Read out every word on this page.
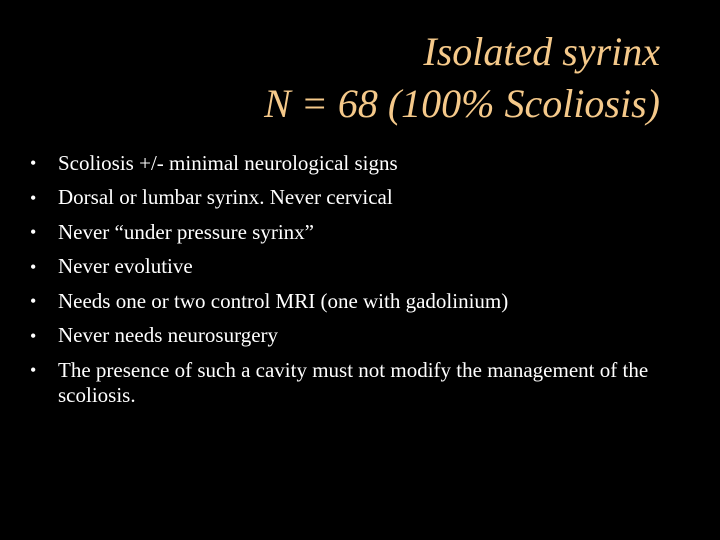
Isolated syrinx
N = 68 (100% Scoliosis)
•	Scoliosis +/- minimal neurological signs
•	Dorsal or lumbar syrinx. Never cervical
•	Never “under pressure syrinx”
•	Never evolutive
•	Needs one or two control MRI (one with gadolinium)
•	Never needs neurosurgery
•	The presence of such a cavity must not modify the management of the scoliosis.
